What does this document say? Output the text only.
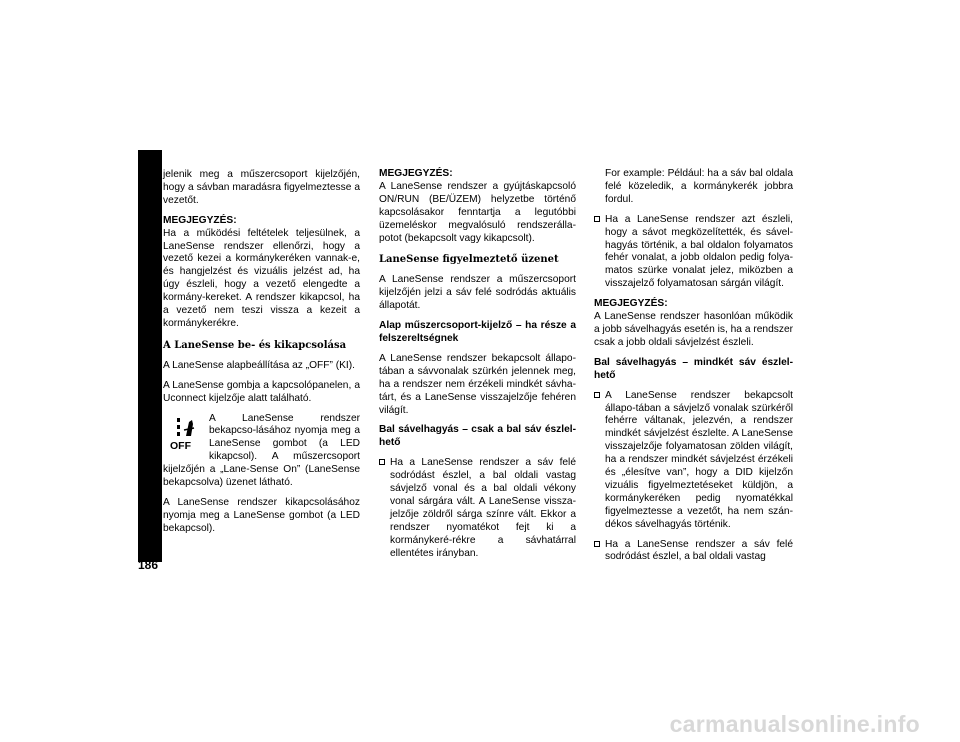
INDÍTÁS ÉS HASZNÁLAT
186

jelenik meg a műszercsoport kijelzőjén, hogy a sávban maradásra figyelmeztesse a vezetőt.

MEGJEGYZÉS:

Ha a működési feltételek teljesülnek, a LaneSense rendszer ellenőrzi, hogy a vezető kezei a kormánykeréken vannak-e, és hangjelzést és vizuális jelzést ad, ha úgy észleli, hogy a vezető elengedte a kormány-kereket. A rendszer kikapcsol, ha a vezető nem teszi vissza a kezeit a kormánykerékre.

A LaneSense be- és kikapcsolása

A LaneSense alapbeállítása az „OFF” (KI).

A LaneSense gombja a kapcsolópanelen, a Uconnect kijelzője alatt található.

OFF

A LaneSense rendszer bekapcso-lásához nyomja meg a LaneSense gombot (a LED kikapcsol). A műszercsoport kijelzőjén a „Lane-Sense On” (LaneSense bekapcsolva) üzenet látható.

A LaneSense rendszer kikapcsolásához nyomja meg a LaneSense gombot (a LED bekapcsol).

MEGJEGYZÉS:

A LaneSense rendszer a gyújtáskapcsoló ON/RUN (BE/ÜZEM) helyzetbe történő kapcsolásakor fenntartja a legutóbbi üzemeléskor megvalósuló rendszerálla-potot (bekapcsolt vagy kikapcsolt).

LaneSense figyelmeztető üzenet

A LaneSense rendszer a műszercsoport kijelzőjén jelzi a sáv felé sodródás aktuális állapotát.

Alap műszercsoport-kijelző – ha része a felszereltségnek

A LaneSense rendszer bekapcsolt állapo-tában a sávvonalak szürkén jelennek meg, ha a rendszer nem érzékeli mindkét sávha-tárt, és a LaneSense visszajelzője fehéren világít.

Bal sávelhagyás – csak a bal sáv észlel-hető

Ha a LaneSense rendszer a sáv felé sodródást észlel, a bal oldali vastag sávjelző vonal és a bal oldali vékony vonal sárgára vált. A LaneSense vissza-jelzője zöldről sárga színre vált. Ekkor a rendszer nyomatékot fejt ki a kormánykeré-rékre a sávhatárral ellentétes irányban.

For example: Például: ha a sáv bal oldala felé közeledik, a kormánykerék jobbra fordul.

Ha a LaneSense rendszer azt észleli, hogy a sávot megközelítették, és sável-hagyás történik, a bal oldalon folyamatos fehér vonalat, a jobb oldalon pedig folya-matos szürke vonalat jelez, miközben a visszajelző folyamatosan sárgán világít.

MEGJEGYZÉS:

A LaneSense rendszer hasonlóan működik a jobb sávelhagyás esetén is, ha a rendszer csak a jobb oldali sávjelzést észleli.

Bal sávelhagyás – mindkét sáv észlel-hető

A LaneSense rendszer bekapcsolt állapo-tában a sávjelző vonalak szürkéről fehérre váltanak, jelezvén, a rendszer mindkét sávjelzést észlelte. A LaneSense visszajelzője folyamatosan zölden világít, ha a rendszer mindkét sávjelzést érzékeli és „élesítve van”, hogy a DID kijelzőn vizuális figyelmeztetéseket küldjön, a kormánykeréken pedig nyomatékkal figyelmeztesse a vezetőt, ha nem szán-dékos sávelhagyás történik.
Ha a LaneSense rendszer a sáv felé sodródást észlel, a bal oldali vastag
carmanualsonline.info
